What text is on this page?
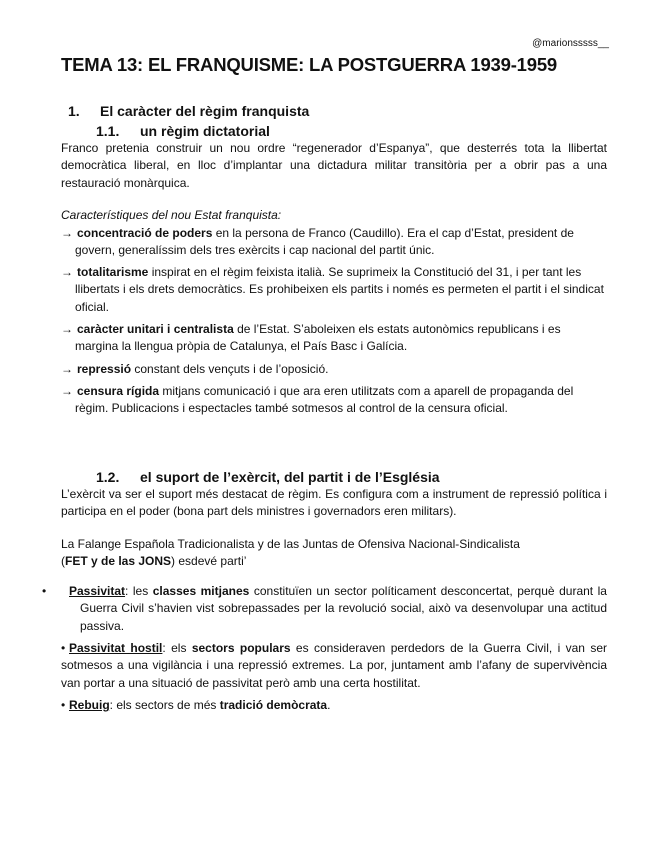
@marionsssss__
TEMA 13: EL FRANQUISME: LA POSTGUERRA 1939-1959
1. El caràcter del règim franquista
1.1. un règim dictatorial
Franco pretenia construir un nou ordre “regenerador d’Espanya”, que desterrés tota la llibertat democràtica liberal, en lloc d’implantar una dictadura militar transitòria per a obrir pas a una restauració monàrquica.
Característiques del nou Estat franquista:
→ concentració de poders en la persona de Franco (Caudillo). Era el cap d’Estat, president de govern, generalíssim dels tres exèrcits i cap nacional del partit únic.
→ totalitarisme inspirat en el règim feixista italià. Se suprimeix la Constitució del 31, i per tant les llibertats i els drets democràtics. Es prohibeixen els partits i només es permeten el partit i el sindicat oficial.
→ caràcter unitari i centralista de l’Estat. S’aboleixen els estats autonòmics republicans i es margina la llengua pròpia de Catalunya, el País Basc i Galícia.
→ repressió constant dels vençuts i de l’oposició.
→ censura rígida mitjans comunicació i que ara eren utilitzats com a aparell de propaganda del règim. Publicacions i espectacles també sotmesos al control de la censura oficial.
1.2. el suport de l’exèrcit, del partit i de l’Església
L’exèrcit va ser el suport més destacat de règim. Es configura com a instrument de repressió política i participa en el poder (bona part dels ministres i governadors eren militars).
La Falange Española Tradicionalista y de las Juntas de Ofensiva Nacional-Sindicalista
(FET y de las JONS) esdevé parti’
• Passivitat: les classes mitjanes constituïen un sector políticament desconcertat, perquè durant la Guerra Civil s’havien vist sobrepassades per la revolució social, això va desenvolupar una actitud passiva.
• Passivitat hostil: els sectors populars es consideraven perdedors de la Guerra Civil, i van ser sotmesos a una vigilància i una repressió extremes. La por, juntament amb l’afany de supervivència van portar a una situació de passivitat però amb una certa hostilitat.
• Rebuig: els sectors de més tradició demòcrata.
